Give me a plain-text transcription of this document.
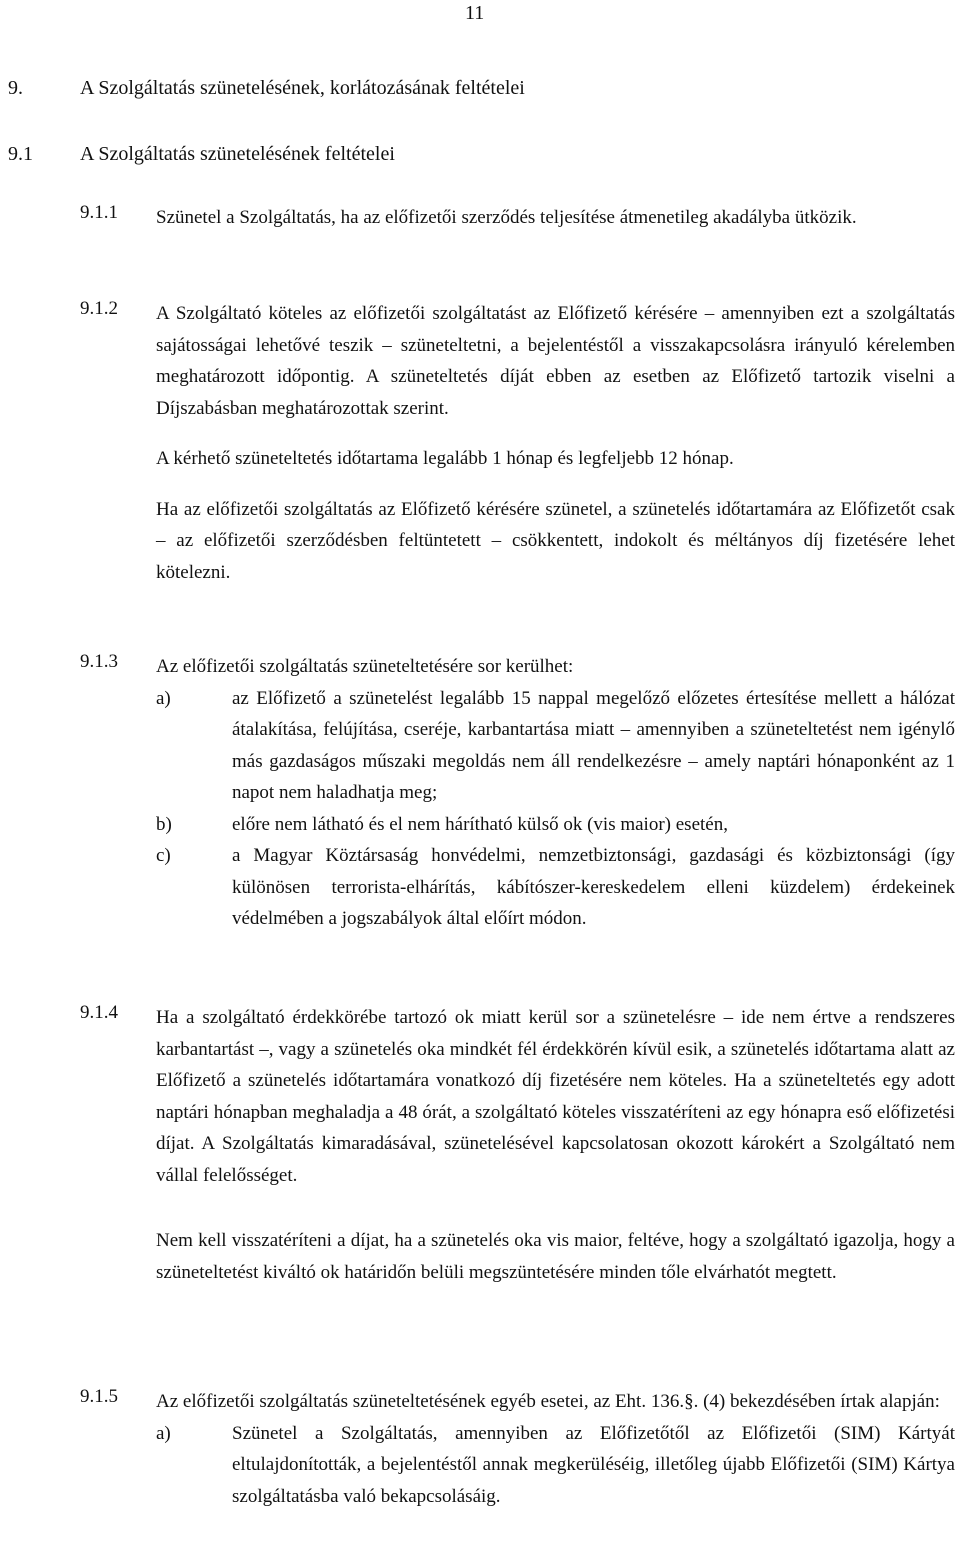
11
9.	A Szolgáltatás szünetelésének, korlátozásának feltételei
9.1 A Szolgáltatás szünetelésének feltételei
9.1.1 Szünetel a Szolgáltatás, ha az előfizetői szerződés teljesítése átmenetileg akadályba ütközik.

9.1.2 A Szolgáltató köteles az előfizetői szolgáltatást az Előfizető kérésére – amennyiben ezt a szolgáltatás sajátosságai lehetővé teszik – szüneteltetni, a bejelentéstől a visszakapcsolásra irányuló kérelemben meghatározott időpontig. A szüneteltetés díját ebben az esetben az Előfizető tartozik viselni a Díjszabásban meghatározottak szerint.

A kérhető szüneteltetés időtartama legalább 1 hónap és legfeljebb 12 hónap.

Ha az előfizetői szolgáltatás az Előfizető kérésére szünetel, a szünetelés időtartamára az Előfizetőt csak – az előfizetői szerződésben feltüntetett – csökkentett, indokolt és méltányos díj fizetésére lehet kötelezni.

9.1.3 Az előfizetői szolgáltatás szüneteltetésére sor kerülhet:

a)	az Előfizető a szünetelést legalább 15 nappal megelőző előzetes értesítése mellett a hálózat átalakítása, felújítása, cseréje, karbantartása miatt – amennyiben a szüneteltetést nem igénylő más gazdaságos műszaki megoldás nem áll rendelkezésre – amely naptári hónaponként az 1 napot nem haladhatja meg;
b)	előre nem látható és el nem hárítható külső ok (vis maior) esetén,
c)	a Magyar Köztársaság honvédelmi, nemzetbiztonsági, gazdasági és közbiztonsági (így különösen terrorista-elhárítás, kábítószer-kereskedelem elleni küzdelem) érdekeinek védelmében a jogszabályok által előírt módon.
9.1.4 Ha a szolgáltató érdekkörébe tartozó ok miatt kerül sor a szünetelésre – ide nem értve a rendszeres karbantartást –, vagy a szünetelés oka mindkét fél érdekkörén kívül esik, a szünetelés időtartama alatt az Előfizető a szünetelés időtartamára vonatkozó díj fizetésére nem köteles. Ha a szüneteltetés egy adott naptári hónapban meghaladja a 48 órát, a szolgáltató köteles visszatéríteni az egy hónapra eső előfizetési díjat. A Szolgáltatás kimaradásával, szünetelésével kapcsolatosan okozott károkért a Szolgáltató nem vállal felelősséget.

Nem kell visszatéríteni a díjat, ha a szünetelés oka vis maior, feltéve, hogy a szolgáltató igazolja, hogy a szüneteltetést kiváltó ok határidőn belüli megszüntetésére minden tőle elvárhatót megtett.

9.1.5 Az előfizetői szolgáltatás szüneteltetésének egyéb esetei, az Eht. 136.§. (4) bekezdésében írtak alapján:

a)	Szünetel a Szolgáltatás, amennyiben az Előfizetőtől az Előfizetői (SIM) Kártyát eltulajdonították, a bejelentéstől annak megkerüléséig, illetőleg újabb Előfizetői (SIM) Kártya szolgáltatásba való bekapcsolásáig.
